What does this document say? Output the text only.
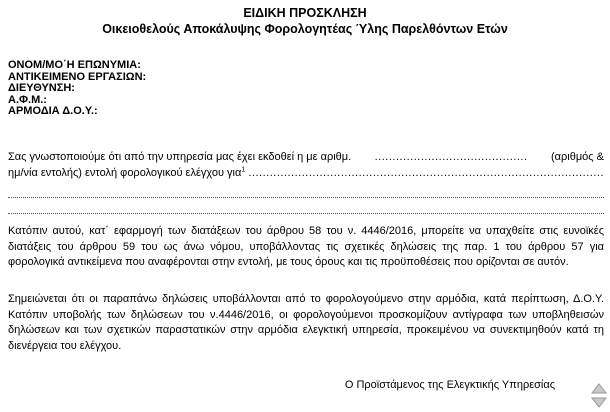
ΕΙΔΙΚΗ ΠΡΟΣΚΛΗΣΗ
Οικειοθελούς Αποκάλυψης Φορολογητέας Ύλης Παρελθόντων Ετών
ΟΝΟΜ/ΜΟ΄Η ΕΠΩΝΥΜΙΑ:
ΑΝΤΙΚΕΙΜΕΝΟ ΕΡΓΑΣΙΩΝ:
ΔΙΕΥΘΥΝΣΗ:
Α.Φ.Μ.:
ΑΡΜΟΔΙΑ Δ.Ο.Υ.:
Σας γνωστοποιούμε ότι από την υπηρεσία μας έχει εκδοθεί η με αριθμ. ........................................... (αριθμός &
ημ/νία εντολής) εντολή φορολογικού ελέγχου για$^1$ ....................................................................................................
Κατόπιν αυτού, κατ΄ εφαρμογή των διατάξεων του άρθρου 58 του ν. 4446/2016, μπορείτε να υπαχθείτε στις ευνοϊκές διατάξεις του άρθρου 59 του ως άνω νόμου, υποβάλλοντας τις σχετικές δηλώσεις της παρ. 1 του άρθρου 57 για φορολογικά αντικείμενα που αναφέρονται στην εντολή, με τους όρους και τις προϋποθέσεις που ορίζονται σε αυτόν.
Σημειώνεται ότι οι παραπάνω δηλώσεις υποβάλλονται από το φορολογούμενο στην αρμόδια, κατά περίπτωση, Δ.Ο.Υ. Κατόπιν υποβολής των δηλώσεων του ν.4446/2016, οι φορολογούμενοι προσκομίζουν αντίγραφα των υποβληθεισών δηλώσεων και των σχετικών παραστατικών στην αρμόδια ελεγκτική υπηρεσία, προκειμένου να συνεκτιμηθούν κατά τη διενέργεια του ελέγχου.
Ο Προϊστάμενος της Ελεγκτικής Υπηρεσίας
